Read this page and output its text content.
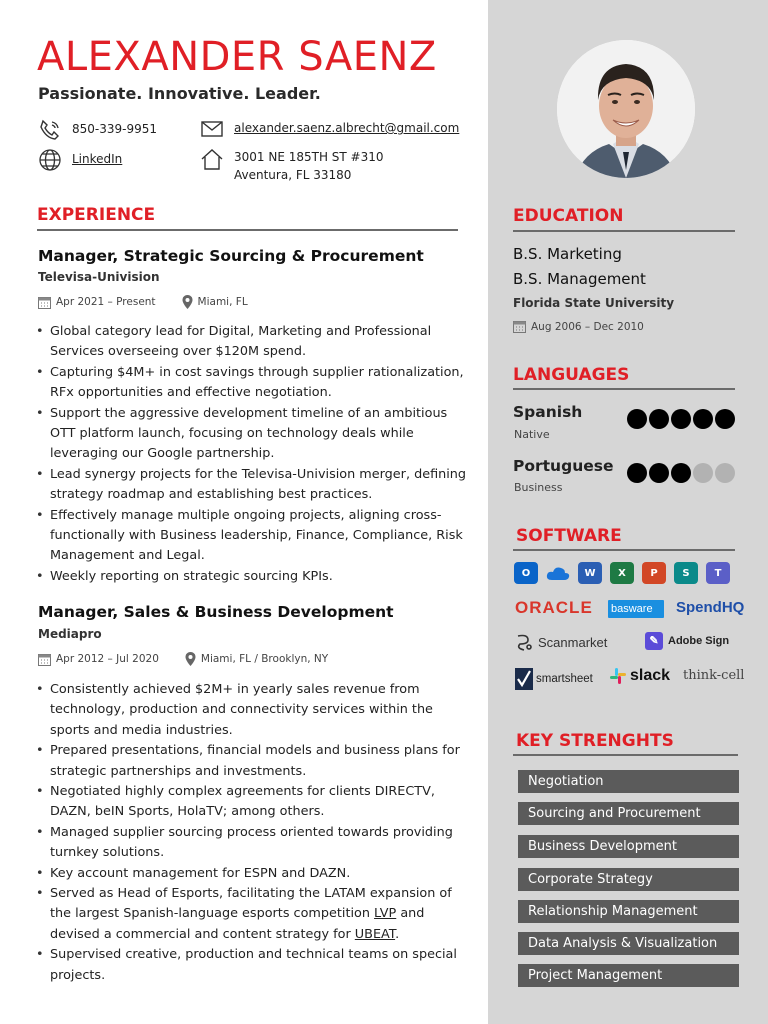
ALEXANDER SAENZ
Passionate. Innovative. Leader.
850-339-9951	alexander.saenz.albrecht@gmail.com
LinkedIn	3001 NE 185TH ST #310
Aventura, FL 33180
EXPERIENCE
Manager, Strategic Sourcing & Procurement
Televisa-Univision
Apr 2021 – Present	Miami, FL
• Global category lead for Digital, Marketing and Professional Services overseeing over $120M spend.
• Capturing $4M+ in cost savings through supplier rationalization, RFx opportunities and effective negotiation.
• Support the aggressive development timeline of an ambitious OTT platform launch, focusing on technology deals while leveraging our Google partnership.
• Lead synergy projects for the Televisa-Univision merger, defining strategy roadmap and establishing best practices.
• Effectively manage multiple ongoing projects, aligning cross-functionally with Business leadership, Finance, Compliance, Risk Management and Legal.
• Weekly reporting on strategic sourcing KPIs.
Manager, Sales & Business Development
Mediapro
Apr 2012 – Jul 2020	Miami, FL / Brooklyn, NY
• Consistently achieved $2M+ in yearly sales revenue from technology, production and connectivity services within the sports and media industries.
• Prepared presentations, financial models and business plans for strategic partnerships and investments.
• Negotiated highly complex agreements for clients DIRECTV, DAZN, beIN Sports, HolaTV; among others.
• Managed supplier sourcing process oriented towards providing turnkey solutions.
• Key account management for ESPN and DAZN.
• Served as Head of Esports, facilitating the LATAM expansion of the largest Spanish-language esports competition LVP and devised a commercial and content strategy for UBEAT.
• Supervised creative, production and technical teams on special projects.
EDUCATION
B.S. Marketing
B.S. Management
Florida State University
Aug 2006 – Dec 2010
LANGUAGES
Spanish
Native
Portuguese
Business
SOFTWARE
O	W	X	P	S	T
ORACLE basware	SpendHQ
Scanmarket	✎ Adobe Sign
smartsheet slack think-cell
KEY STRENGHTS
Negotiation
Sourcing and Procurement
Business Development
Corporate Strategy
Relationship Management
Data Analysis & Visualization
Project Management
